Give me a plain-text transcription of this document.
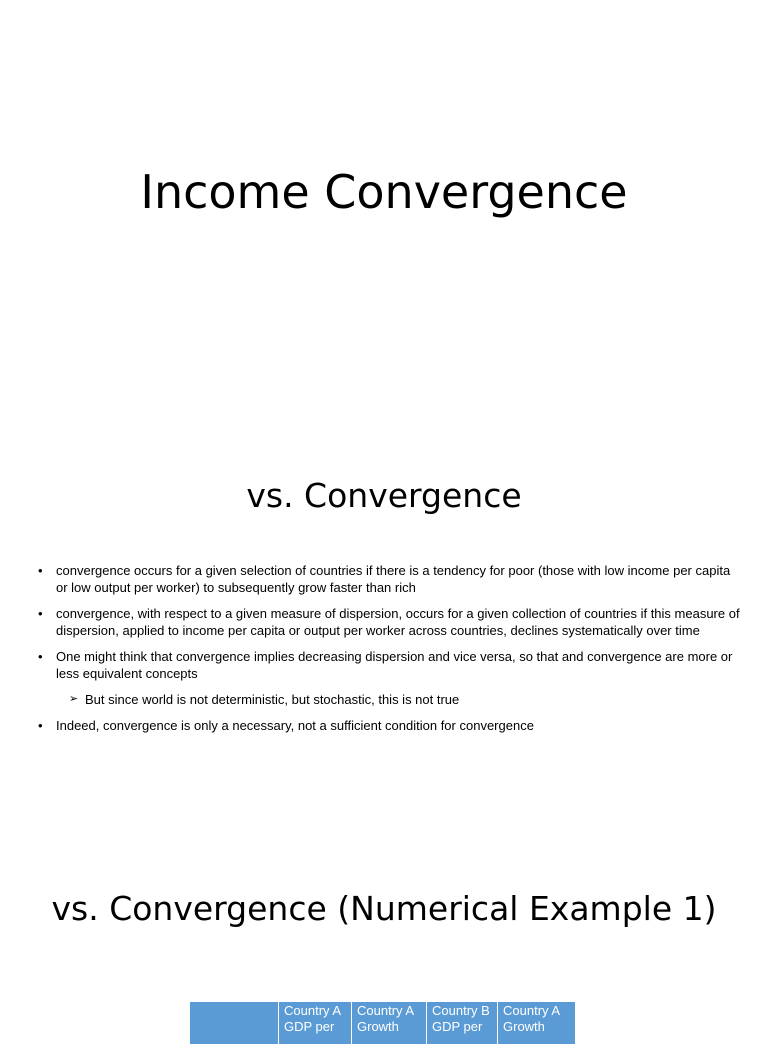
Income Convergence
vs. Convergence
• convergence occurs for a given selection of countries if there is a tendency for poor (those with low income per capita or low output per worker) to subsequently grow faster than rich
• convergence, with respect to a given measure of dispersion, occurs for a given collection of countries if this measure of dispersion, applied to income per capita or output per worker across countries, declines systematically over time
• One might think that convergence implies decreasing dispersion and vice versa, so that and convergence are more or less equivalent concepts
➢ But since world is not deterministic, but stochastic, this is not true
• Indeed, convergence is only a necessary, not a sufficient condition for convergence
vs. Convergence (Numerical Example 1)
	Country A GDP per	Country A Growth	Country B GDP per	Country A Growth
